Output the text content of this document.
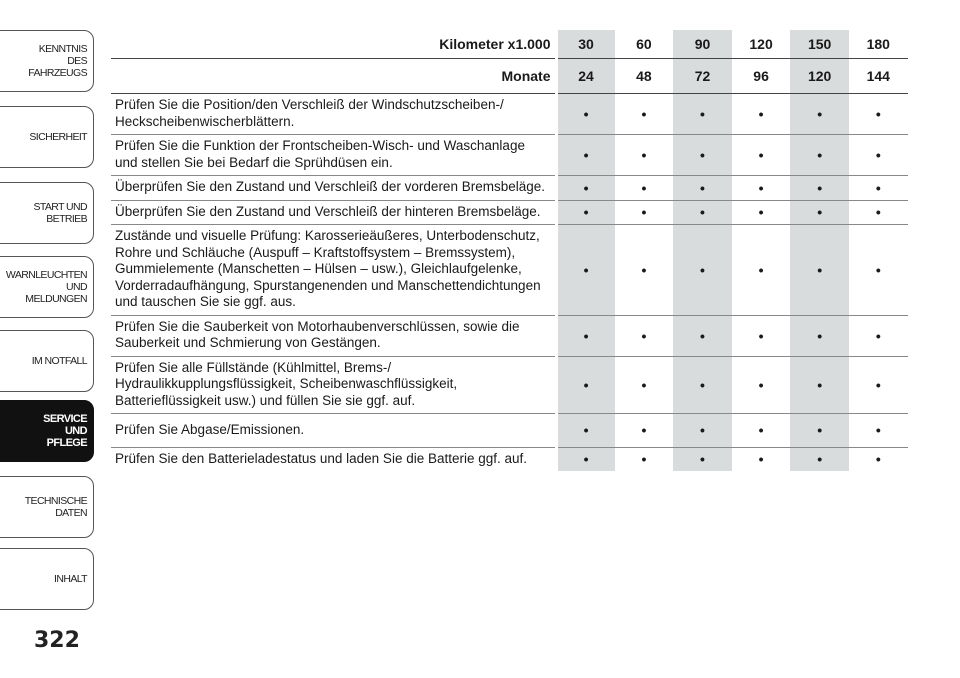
KENNTNIS
DES
FAHRZEUGS
SICHERHEIT
START UND
BETRIEB
WARNLEUCHTEN
UND
MELDUNGEN
IM NOTFALL
SERVICE
UND
PFLEGE
TECHNISCHE
DATEN
INHALT
322
Kilometer x1.000	30	60	90	120	150	180
Monate	24	48	72	96	120	144
Prüfen Sie die Position/den Verschleiß der Windschutzscheiben-/ Heckscheibenwischerblättern.	•	•	•	•	•	•
Prüfen Sie die Funktion der Frontscheiben-Wisch- und Waschanlage und stellen Sie bei Bedarf die Sprühdüsen ein.	•	•	•	•	•	•
Überprüfen Sie den Zustand und Verschleiß der vorderen Bremsbeläge.	•	•	•	•	•	•
Überprüfen Sie den Zustand und Verschleiß der hinteren Bremsbeläge.	•	•	•	•	•	•
Zustände und visuelle Prüfung: Karosserieäußeres, Unterbodenschutz, Rohre und Schläuche (Auspuff – Kraftstoffsystem – Bremssystem), Gummielemente (Manschetten – Hülsen – usw.), Gleichlaufgelenke, Vorderradaufhängung, Spurstangenenden und Manschettendichtungen und tauschen Sie sie ggf. aus.	•	•	•	•	•	•
Prüfen Sie die Sauberkeit von Motorhaubenverschlüssen, sowie die Sauberkeit und Schmierung von Gestängen.	•	•	•	•	•	•
Prüfen Sie alle Füllstände (Kühlmittel, Brems-/ Hydraulikkupplungsflüssigkeit, Scheibenwaschflüssigkeit, Batterieflüssigkeit usw.) und füllen Sie sie ggf. auf.	•	•	•	•	•	•
Prüfen Sie Abgase/Emissionen.	•	•	•	•	•	•
Prüfen Sie den Batterieladestatus und laden Sie die Batterie ggf. auf.	•	•	•	•	•	•
